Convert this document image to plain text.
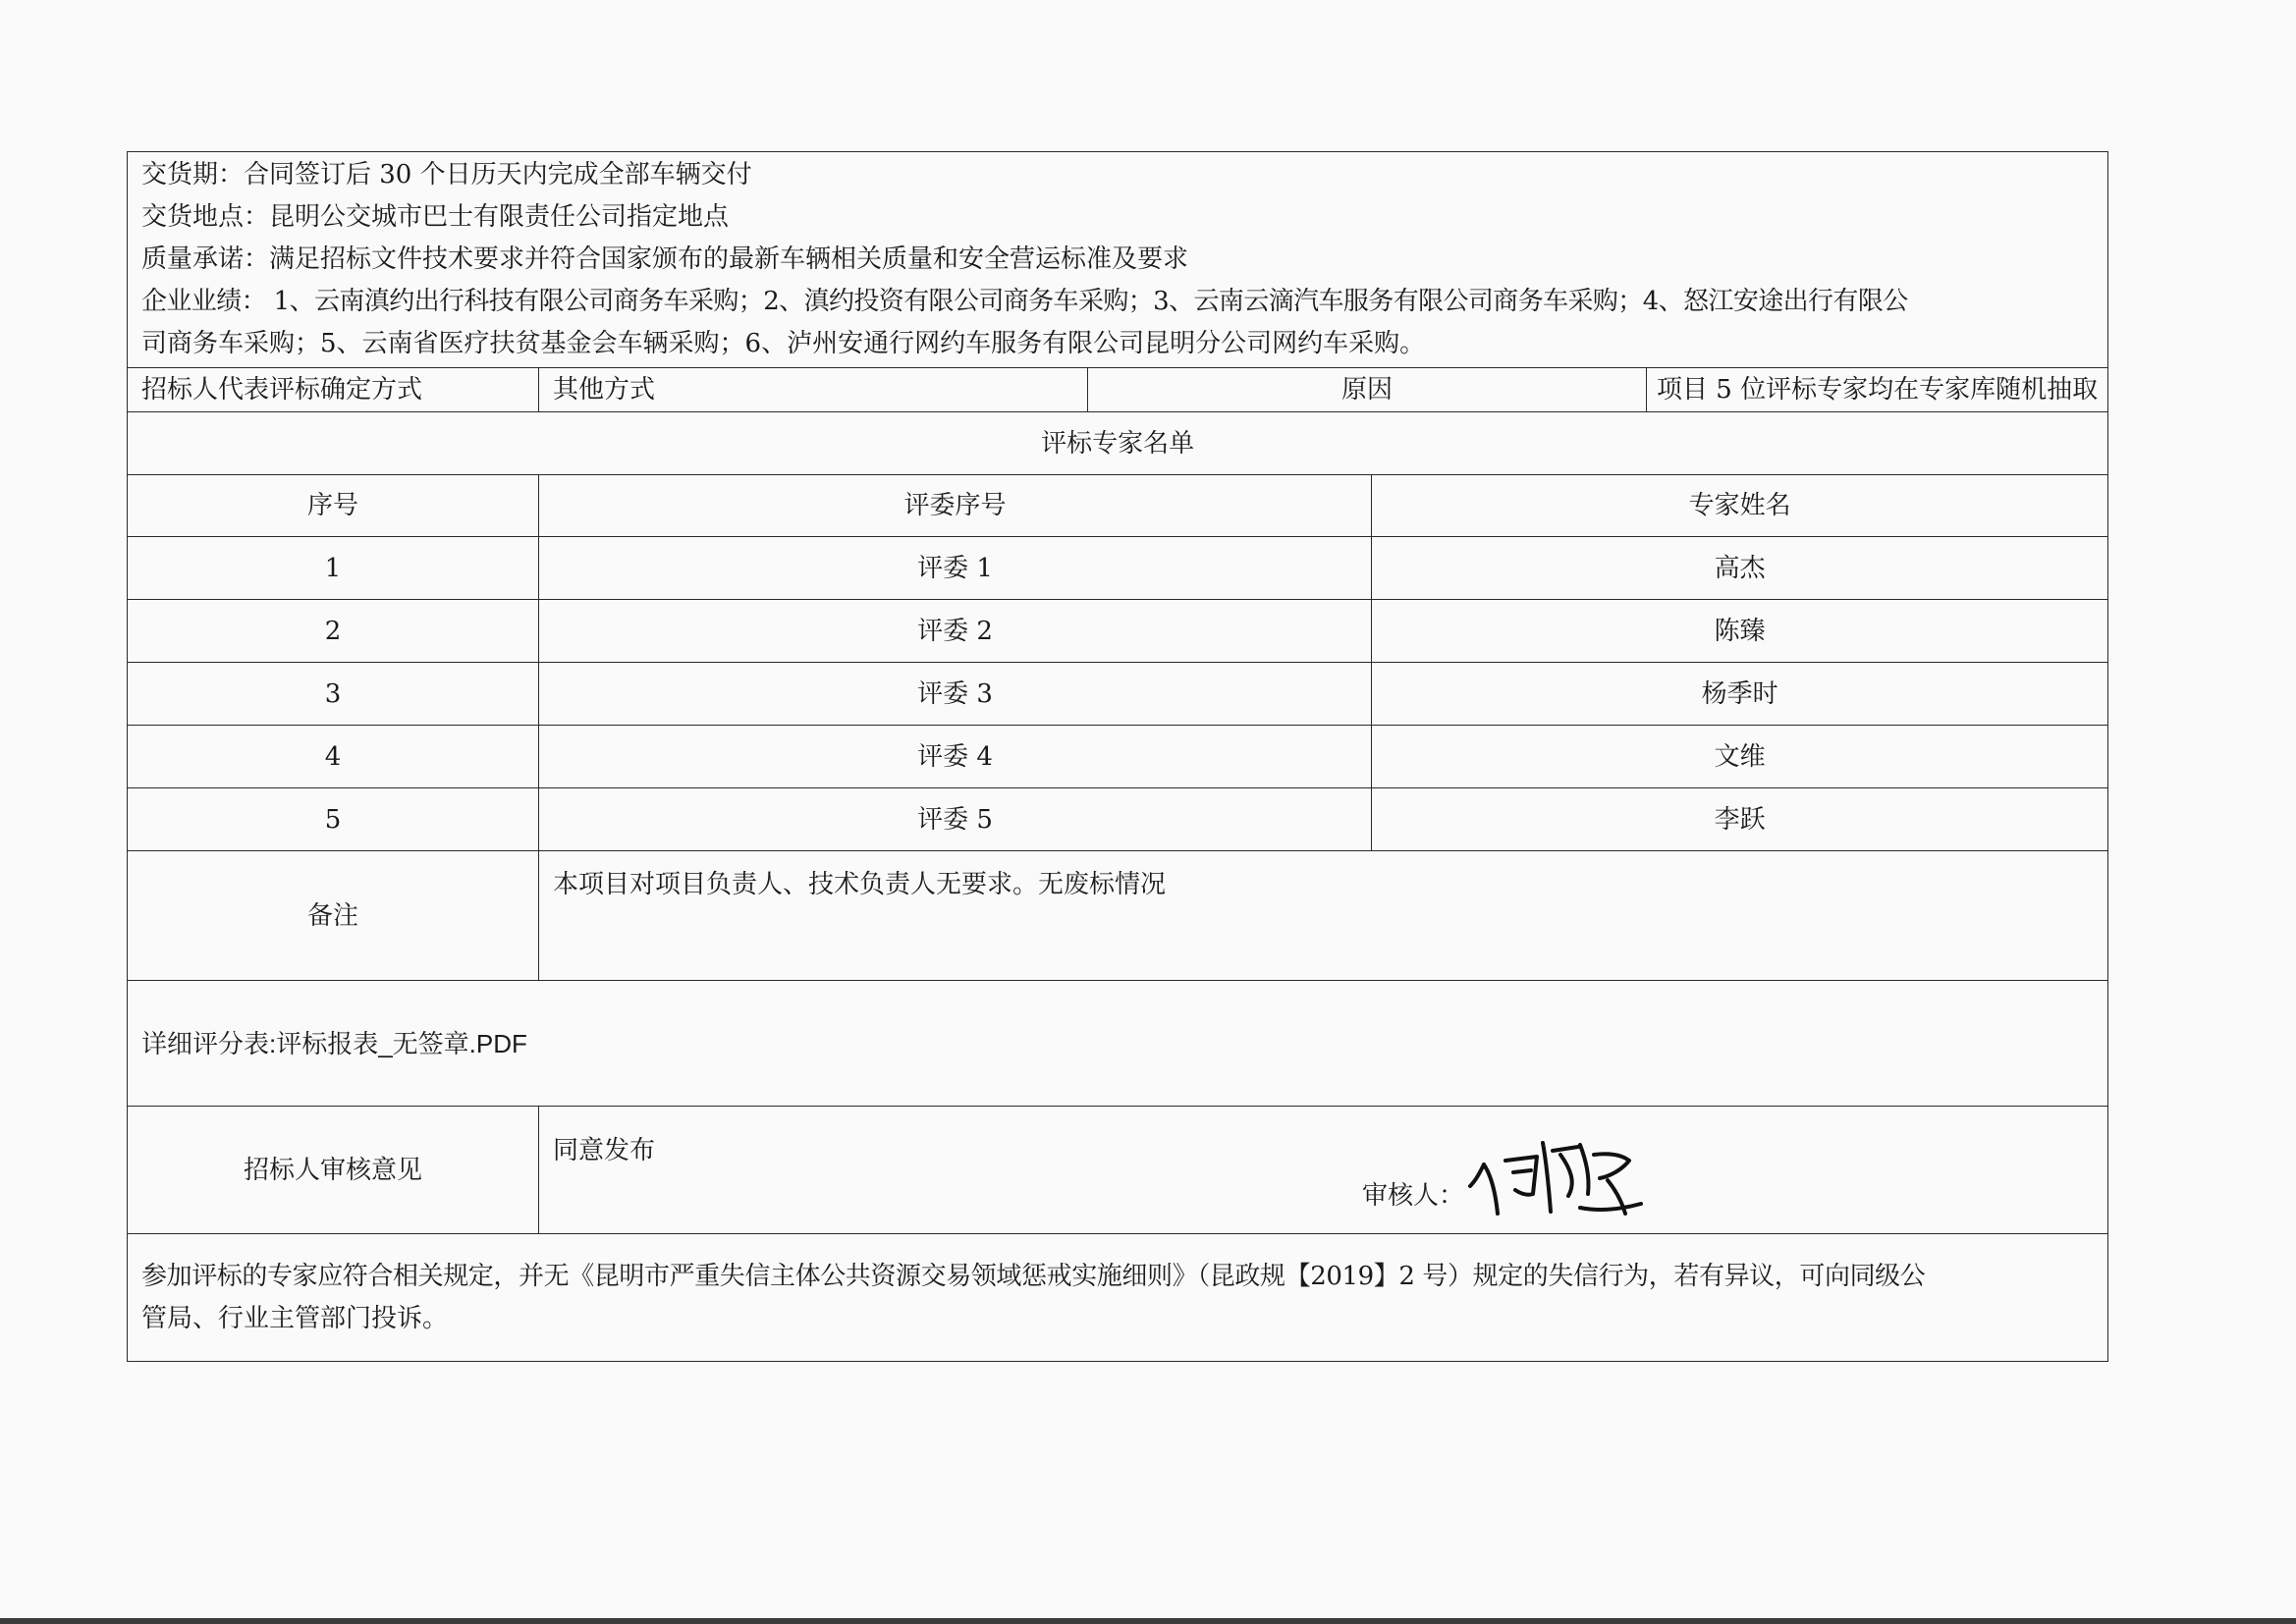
交货期：合同签订后 30 个日历天内完成全部车辆交付
交货地点：昆明公交城市巴士有限责任公司指定地点
质量承诺：满足招标文件技术要求并符合国家颁布的最新车辆相关质量和安全营运标准及要求
企业业绩： 1、云南滇约出行科技有限公司商务车采购；2、滇约投资有限公司商务车采购；3、云南云滴汽车服务有限公司商务车采购；4、怒江安途出行有限公
司商务车采购；5、云南省医疗扶贫基金会车辆采购；6、泸州安通行网约车服务有限公司昆明分公司网约车采购。				

招标人代表评标确定方式	其他方式	原因		项目 5 位评标专家均在专家库随机抽取
评标专家名单				
序号	评委序号		专家姓名	
1	评委 1		高杰	
2	评委 2		陈臻	
3	评委 3		杨季时	
4	评委 4		文维	
5	评委 5		李跃	
备注	本项目对项目负责人、技术负责人无要求。无废标情况			
详细评分表:评标报表_无签章.PDF				
招标人审核意见	同意发布
审核人：			

参加评标的专家应符合相关规定，并无《昆明市严重失信主体公共资源交易领域惩戒实施细则》（昆政规【2019】2 号）规定的失信行为，若有异议，可向同级公
管局、行业主管部门投诉。				
